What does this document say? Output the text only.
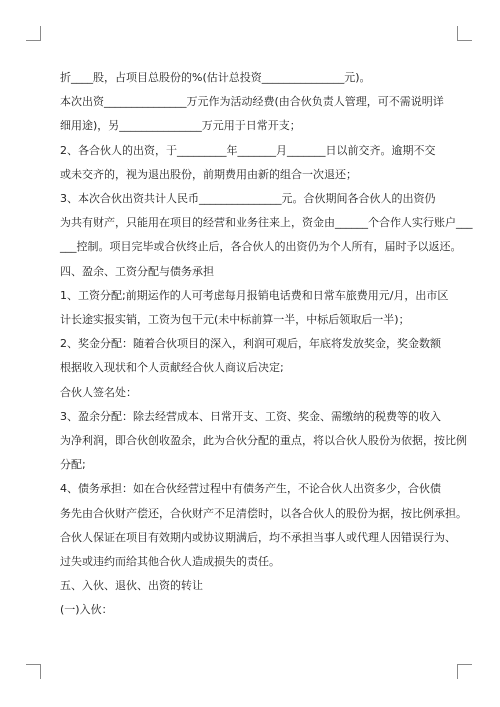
折____股，占项目总股份的%(估计总投资_______________元)。

本次出资_______________万元作为活动经费(由合伙负责人管理，可不需说明详

细用途)，另_______________万元用于日常开支；

2、各合伙人的出资，于_________年_______月_______日以前交齐。逾期不交

或未交齐的，视为退出股份，前期费用由新的组合一次退还；

3、本次合伙出资共计人民币_______________元。合伙期间各合伙人的出资仍

为共有财产，只能用在项目的经营和业务往来上，资金由______个合作人实行账户___

___控制。项目完毕或合伙终止后，各合伙人的出资仍为个人所有，届时予以返还。

四、盈余、工资分配与债务承担

1、工资分配;前期运作的人可考虑每月报销电话费和日常车旅费用元/月，出市区

计长途实报实销，工资为包干元(未中标前算一半，中标后领取后一半)；

2、奖金分配：随着合伙项目的深入，利润可观后，年底将发放奖金，奖金数额

根据收入现状和个人贡献经合伙人商议后决定;

合伙人签名处：

3、盈余分配：除去经营成本、日常开支、工资、奖金、需缴纳的税费等的收入

为净利润，即合伙创收盈余，此为合伙分配的重点，将以合伙人股份为依据，按比例

分配;

4、债务承担：如在合伙经营过程中有债务产生，不论合伙人出资多少，合伙债

务先由合伙财产偿还，合伙财产不足清偿时，以各合伙人的股份为据，按比例承担。

合伙人保证在项目有效期内或协议期满后，均不承担当事人或代理人因错误行为、

过失或违约而给其他合伙人造成损失的责任。

五、入伙、退伙、出资的转让

(一)入伙：
